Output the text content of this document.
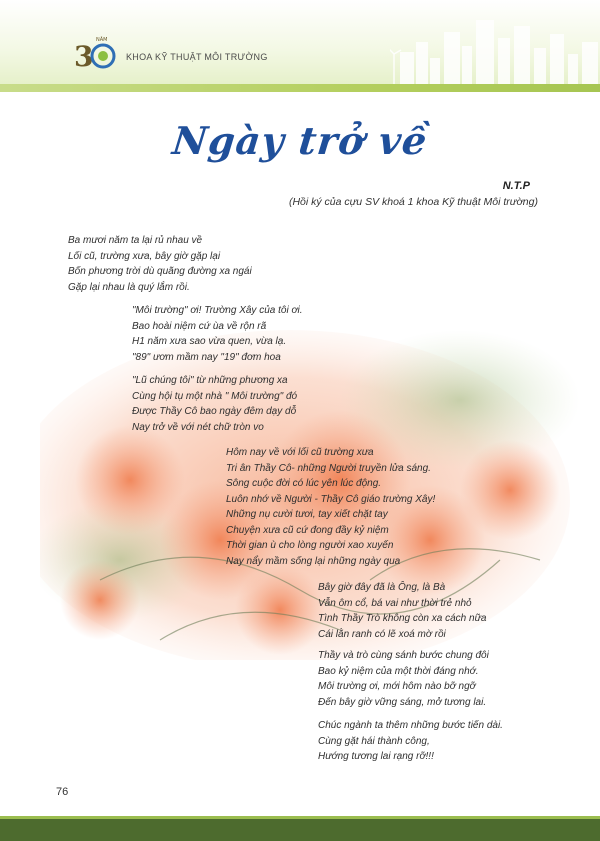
3 NĂM
KHOA KỸ THUẬT MÔI TRƯỜNG
Ngày trở về
N.T.P
(Hồi ký của cựu SV khoá 1 khoa Kỹ thuật Môi trường)
Ba mươi năm ta lại rủ nhau về
Lối cũ, trường xưa, bây giờ gặp lại
Bốn phương trời dù quãng đường xa ngái
Gặp lại nhau là quý lắm rồi.
"Môi trường" ơi! Trường Xây của tôi ơi.
Bao hoài niệm cứ ùa về rộn rã
H1 năm xưa sao vừa quen, vừa lạ.
"89" ươm mầm nay "19" đơm hoa
"Lũ chúng tôi" từ những phương xa
Cùng hội tụ một nhà " Môi trường" đó
Được Thầy Cô bao ngày đêm dạy dỗ
Nay trở về với nét chữ tròn vo
Hôm nay về với lối cũ trường xưa
Tri ân Thầy Cô- những Người truyền lửa sáng.
Sông cuộc đời có lúc yên lúc động.
Luôn nhớ về Người - Thầy Cô giáo trường Xây!
Những nụ cười tươi, tay xiết chặt tay
Chuyện xưa cũ cứ đong đầy kỷ niệm
Thời gian ù cho lòng người xao xuyến
Nay nẩy mầm sống lại những ngày qua
Bây giờ đây đã là Ông, là Bà
Vẫn ôm cổ, bá vai như thời trẻ nhỏ
Tình Thầy Trò không còn xa cách nữa
Cái lằn ranh có lẽ xoá mờ rồi
Thầy và trò cùng sánh bước chung đôi
Bao kỷ niệm của một thời đáng nhớ.
Môi trường ơi, mới hôm nào bỡ ngỡ
Đến bây giờ vững sáng, mở tương lai.
Chúc ngành ta thêm những bước tiến dài.
Cùng gặt hái thành công,
Hướng tương lai rạng rỡ!!!
76
